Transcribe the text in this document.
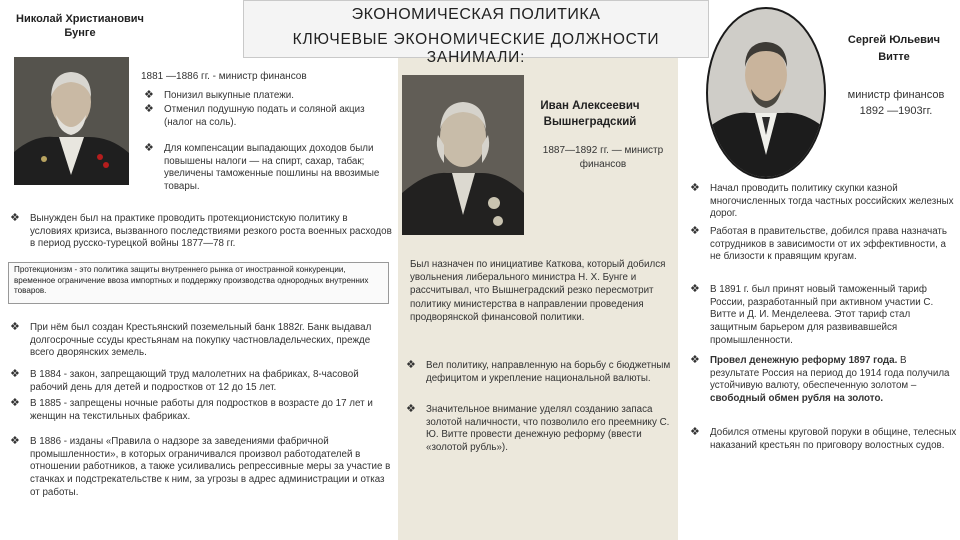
ЭКОНОМИЧЕСКАЯ ПОЛИТИКА
КЛЮЧЕВЫЕ ЭКОНОМИЧЕСКИЕ ДОЛЖНОСТИ ЗАНИМАЛИ:
Николай Христианович
Бунге
1881 —1886 гг. - министр финансов
❖ Понизил выкупные платежи.
❖ Отменил подушную подать и соляной акциз (налог на соль).
❖ Для компенсации выпадающих доходов были повышены налоги — на спирт, сахар, табак; увеличены таможенные пошлины на ввозимые товары.
❖ Вынужден был на практике проводить протекционистскую политику в условиях кризиса, вызванного последствиями резкого роста военных расходов в период русско-турецкой войны 1877—78 гг.
Протекционизм - это политика защиты внутреннего рынка от иностранной конкуренции, временное ограничение ввоза импортных и поддержку производства однородных внутренних товаров.
❖ При нём был создан Крестьянский поземельный банк 1882г. Банк выдавал долгосрочные ссуды крестьянам на покупку частновладельческих, прежде всего дворянских земель.
❖ В 1884 - закон, запрещающий труд малолетних на фабриках, 8-часовой рабочий день для детей и подростков от 12 до 15 лет.
❖ В 1885 - запрещены ночные работы для подростков в возрасте до 17 лет и женщин на текстильных фабриках.
❖ В 1886 - изданы «Правила о надзоре за заведениями фабричной промышленности», в которых ограничивался произвол работодателей в отношении работников, а также усиливались репрессивные меры за участие в стачках и подстрекательстве к ним, за угрозы в адрес администрации и отказ от работы.
Иван Алексеевич
Вышнеградский
1887—1892 гг. — министр финансов
Был назначен по инициативе Каткова, который добился увольнения либерального министра Н. Х. Бунге и рассчитывал, что Вышнеградский резко пересмотрит политику министерства в направлении проведения продворянской финансовой политики.
❖ Вел политику, направленную на борьбу с бюджетным дефицитом и укрепление национальной валюты.
❖ Значительное внимание уделял созданию запаса золотой наличности, что позволило его преемнику С. Ю. Витте провести денежную реформу (ввести «золотой рубль»).
Сергей Юльевич
Витте
министр финансов 1892 —1903гг.
❖ Начал проводить политику скупки казной многочисленных тогда частных российских железных дорог.
❖ Работая в правительстве, добился права назначать сотрудников в зависимости от их эффективности, а не близости к правящим кругам.
❖ В 1891 г. был принят новый таможенный тариф России, разработанный при активном участии С. Витте и Д. И. Менделеева. Этот тариф стал защитным барьером для развивавшейся промышленности.
❖ Провел денежную реформу 1897 года. В результате Россия на период до 1914 года получила устойчивую валюту, обеспеченную золотом – свободный обмен рубля на золото.
❖ Добился отмены круговой поруки в общине, телесных наказаний крестьян по приговору волостных судов.
